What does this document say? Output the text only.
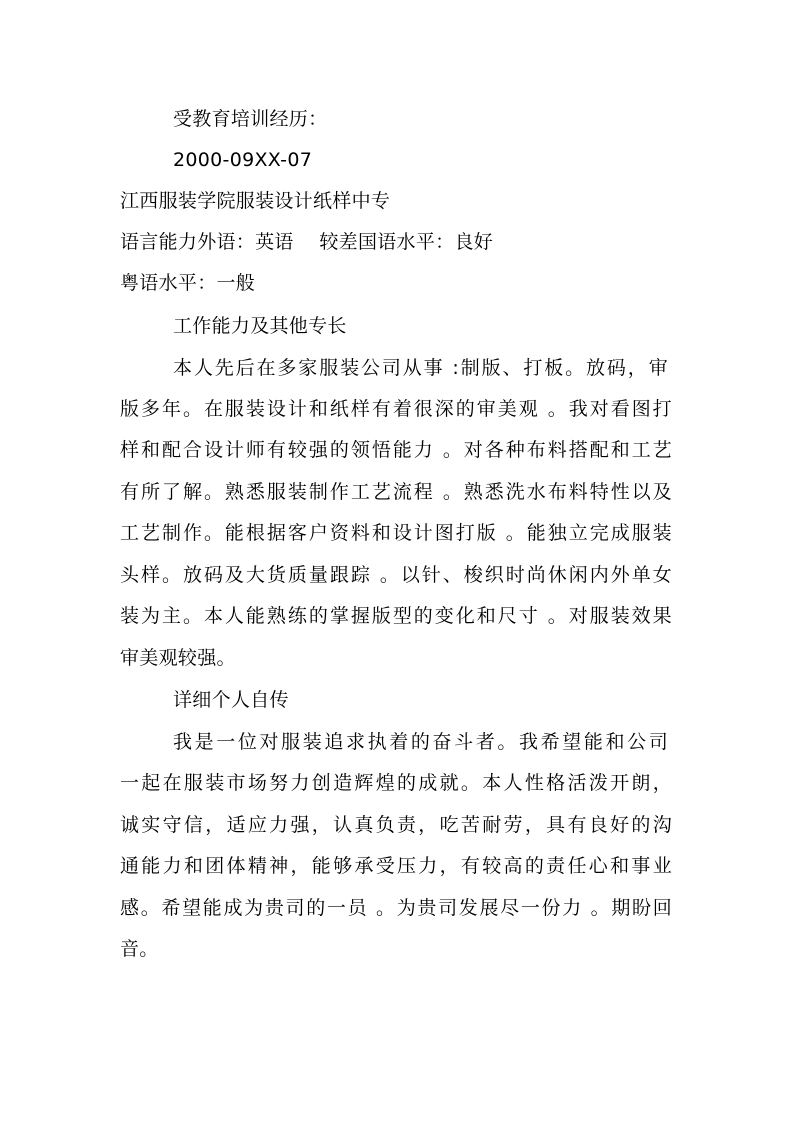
受教育培训经历：
2000-09XX-07
江西服装学院服装设计纸样中专
语言能力外语：英语　 较差国语水平：良好
粤语水平：一般
工作能力及其他专长
本人先后在多家服装公司从事 :制版、打板。放码，审
版多年。在服装设计和纸样有着很深的审美观 。我对看图打
样和配合设计师有较强的领悟能力 。对各种布料搭配和工艺
有所了解。熟悉服装制作工艺流程 。熟悉洗水布料特性以及
工艺制作。能根据客户资料和设计图打版 。能独立完成服装
头样。放码及大货质量跟踪 。以针、梭织时尚休闲内外单女
装为主。本人能熟练的掌握版型的变化和尺寸 。对服装效果
审美观较强。
详细个人自传
我是一位对服装追求执着的奋斗者。我希望能和公司
一起在服装市场努力创造辉煌的成就。本人性格活泼开朗，
诚实守信，适应力强，认真负责，吃苦耐劳，具有良好的沟
通能力和团体精神，能够承受压力，有较高的责任心和事业
感。希望能成为贵司的一员 。为贵司发展尽一份力 。期盼回
音。
